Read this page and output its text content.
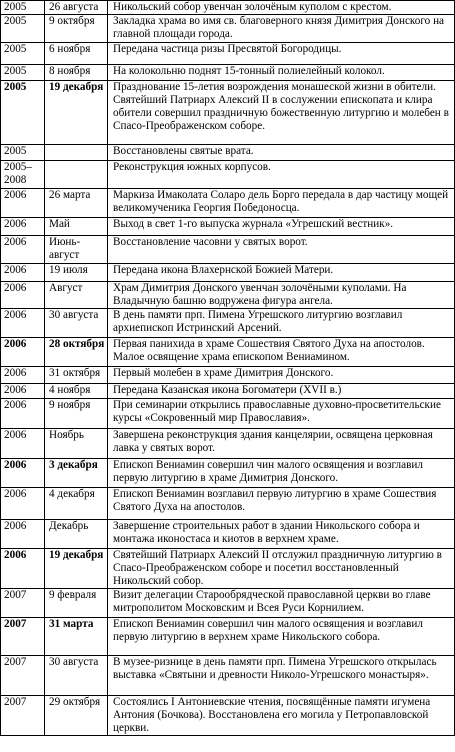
2005	26 августа	Никольский собор увенчан золочёным куполом с крестом.
2005	9 октября	Закладка храма во имя св. благоверного князя Димитрия Донского на главной площади города.
2005	6 ноября	Передана частица ризы Пресвятой Богородицы.
2005	8 ноября	На колокольню поднят 15-тонный полиелейный колокол.
2005	19 декабря	Празднование 15-летия возрождения монашеской жизни в обители. Святейший Патриарх Алексий II в сослужении епископата и клира обители совершил праздничную божественную литургию и молебен в Спасо-Преображенском соборе.
2005		Восстановлены святые врата.
2005–2008		Реконструкция южных корпусов.
2006	26 марта	Маркиза Имаколата Соларо дель Борго передала в дар частицу мощей великомученика Георгия Победоносца.
2006	Май	Выход в свет 1-го выпуска журнала «Угрешский вестник».
2006	Июнь-август	Восстановление часовни у святых ворот.
2006	19 июля	Передана икона Влахернской Божией Матери.
2006	Август	Храм Димитрия Донского увенчан золочёными куполами. На Владычную башню водружена фигура ангела.
2006	30 августа	В день памяти прп. Пимена Угрешского литургию возглавил архиепископ Истринский Арсений.
2006	28 октября	Первая панихида в храме Сошествия Святого Духа на апостолов. Малое освящение храма епископом Вениамином.
2006	31 октября	Первый молебен в храме Димитрия Донского.
2006	4 ноября	Передана Казанская икона Богоматери (XVII в.)
2006	9 ноября	При семинарии открылись православные духовно-просветительские курсы «Сокровенный мир Православия».
2006	Ноябрь	Завершена реконструкция здания канцелярии, освящена церковная лавка у святых ворот.
2006	3 декабря	Епископ Вениамин совершил чин малого освящения и возглавил первую литургию в храме Димитрия Донского.
2006	4 декабря	Епископ Вениамин возглавил первую литургию в храме Сошествия Святого Духа на апостолов.
2006	Декабрь	Завершение строительных работ в здании Никольского собора и монтажа иконостаса и киотов в верхнем храме.
2006	19 декабря	Святейший Патриарх Алексий II отслужил праздничную литургию в Спасо-Преображенском соборе и посетил восстановленный Никольский собор.
2007	9 февраля	Визит делегации Старообрядческой православной церкви во главе митрополитом Московским и Всея Руси Корнилием.
2007	31 марта	Епископ Вениамин совершил чин малого освящения и возглавил первую литургию в верхнем храме Никольского собора.
2007	30 августа	В музее-ризнице в день памяти прп. Пимена Угрешского открылась выставка «Святыни и древности Николо-Угрешского монастыря».
2007	29 октября	Состоялись I Антониевские чтения, посвящённые памяти игумена Антония (Бочкова). Восстановлена его могила у Петропавловской церкви.
